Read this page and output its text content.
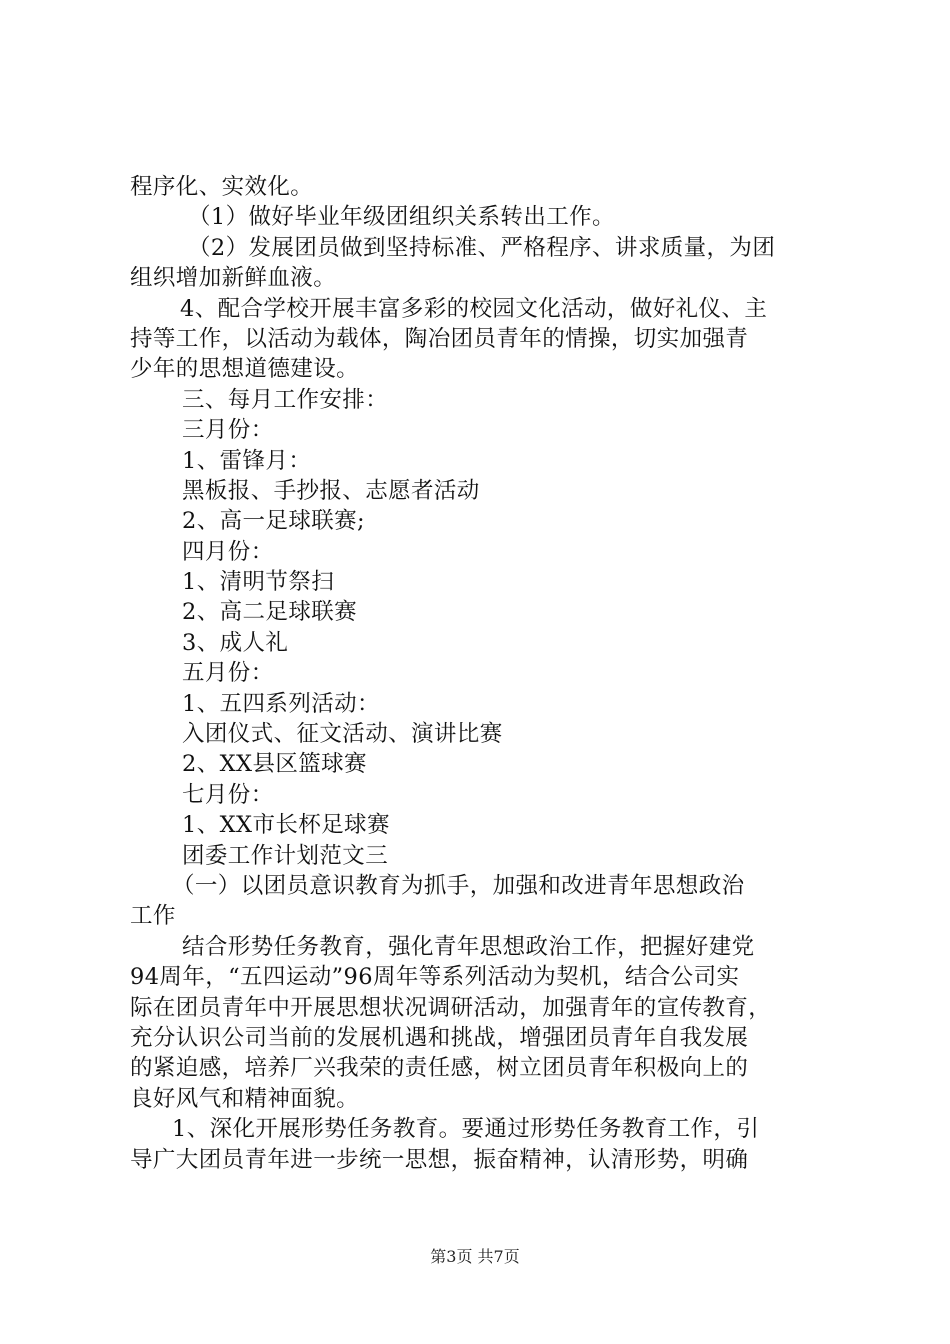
程序化、实效化。
（1）做好毕业年级团组织关系转出工作。
（2）发展团员做到坚持标准、严格程序、讲求质量，为团
组织增加新鲜血液。
4、配合学校开展丰富多彩的校园文化活动，做好礼仪、主
持等工作，以活动为载体，陶冶团员青年的情操，切实加强青
少年的思想道德建设。
三、每月工作安排：
三月份：
1、雷锋月：
黑板报、手抄报、志愿者活动
2、高一足球联赛;
四月份：
1、清明节祭扫
2、高二足球联赛
3、成人礼
五月份：
1、五四系列活动：
入团仪式、征文活动、演讲比赛
2、XX县区篮球赛
七月份：
1、XX市长杯足球赛
团委工作计划范文三
（一）以团员意识教育为抓手，加强和改进青年思想政治
工作
结合形势任务教育，强化青年思想政治工作，把握好建党
94周年，“五四运动”96周年等系列活动为契机，结合公司实
际在团员青年中开展思想状况调研活动，加强青年的宣传教育，
充分认识公司当前的发展机遇和挑战，增强团员青年自我发展
的紧迫感，培养厂兴我荣的责任感，树立团员青年积极向上的
良好风气和精神面貌。
1、深化开展形势任务教育。要通过形势任务教育工作，引
导广大团员青年进一步统一思想，振奋精神，认清形势，明确
第3页 共7页
